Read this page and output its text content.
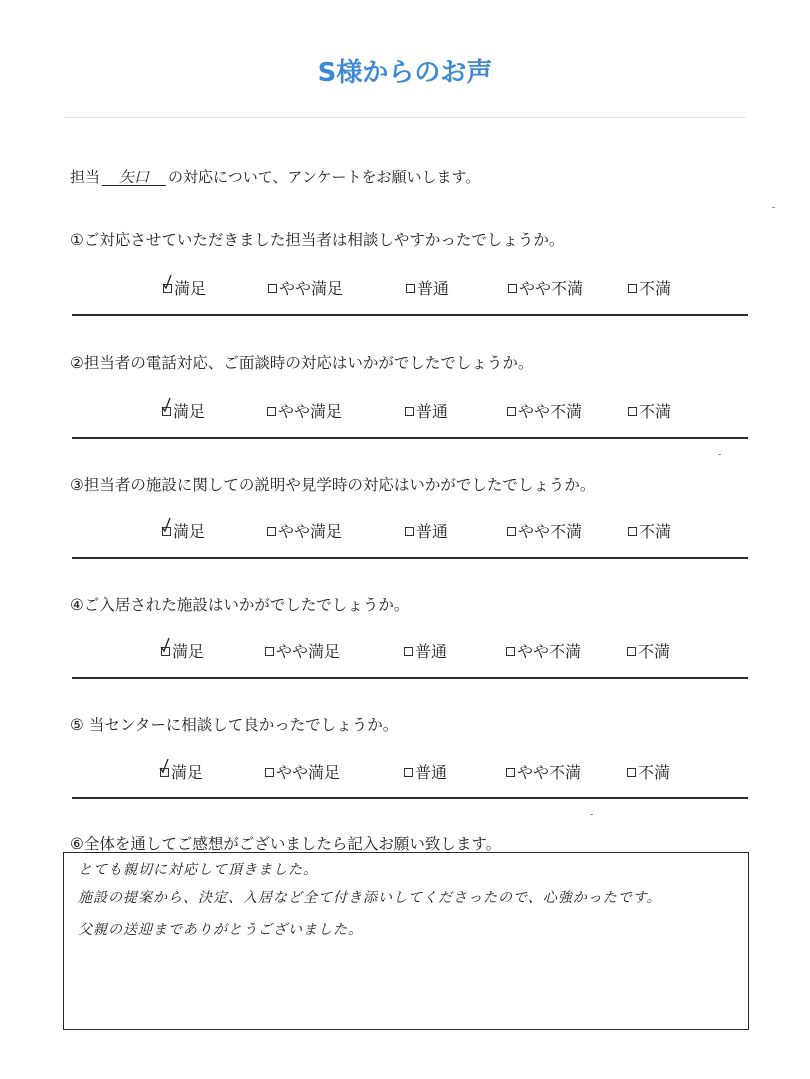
S様からのお声
担当 矢口 の対応について、アンケートをお願いします。
①ご対応させていただきました担当者は相談しやすかったでしょうか。
満足	やや満足	普通	やや不満	不満
②担当者の電話対応、ご面談時の対応はいかがでしたでしょうか。
満足	やや満足	普通	やや不満	不満
③担当者の施設に関しての説明や見学時の対応はいかがでしたでしょうか。
満足	やや満足	普通	やや不満	不満
④ご入居された施設はいかがでしたでしょうか。
満足	やや満足	普通	やや不満	不満
⑤ 当センターに相談して良かったでしょうか。
満足	やや満足	普通	やや不満	不満
⑥全体を通してご感想がございましたら記入お願い致します。
とても親切に対応して頂きました。
施設の提案から、決定、入居など全て付き添いしてくださったので、心強かったです。
父親の送迎までありがとうございました。
